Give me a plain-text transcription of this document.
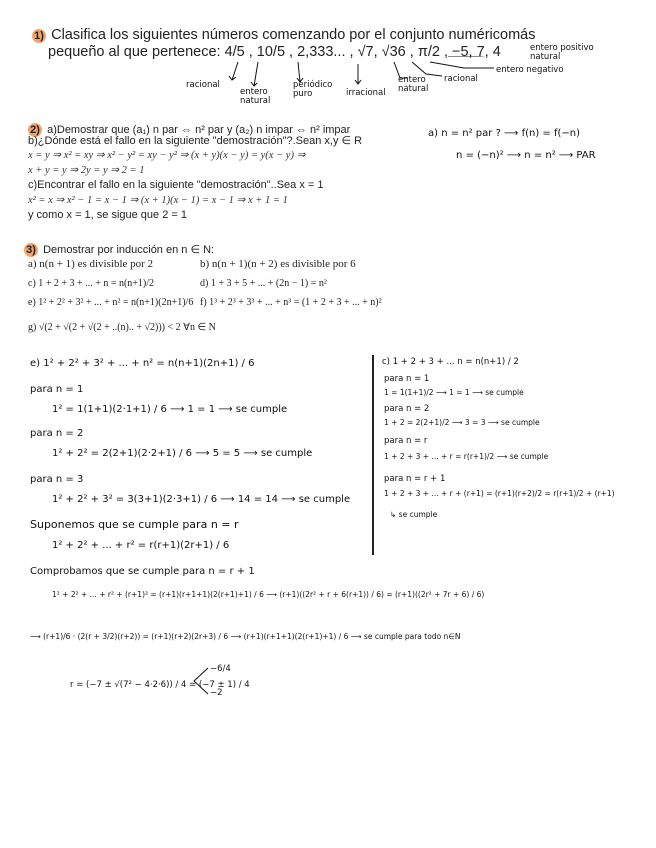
1) Clasifica los siguientes números comenzando por el conjunto numéricomás
pequeño al que pertenece: 4/5 , 10/5 , 2,333... , √7, √36 , π/2 , −5, 7, 4
racional
entero natural
periódico puro	irracional
entero natural
racional
entero negativo
entero positivo natural
2) a)Demostrar que (a₁) n par ⇔ n² par y (a₂) n impar ⇔ n² impar
b)¿Dónde está el fallo en la siguiente "demostración"?.Sean x,y ∈ R
x = y ⇒ x² = xy ⇒ x² − y² = xy − y² ⇒ (x + y)(x − y) = y(x − y) ⇒
x + y = y ⇒ 2y = y ⇒ 2 = 1
c)Encontrar el fallo en la siguiente "demostración"..Sea x = 1
x² = x ⇒ x² − 1 = x − 1 ⇒ (x + 1)(x − 1) = x − 1 ⇒ x + 1 = 1
y como x = 1, se sigue que 2 = 1
a) n = n² par ? ⟶ f(n) = f(−n)
n = (−n)² ⟶ n = n² ⟶ PAR
3) Demostrar por inducción en n ∈ N:
a) n(n + 1) es divisible por 2	b) n(n + 1)(n + 2) es divisible por 6
c) 1 + 2 + 3 + ... + n = n(n+1)/2	d) 1 + 3 + 5 + ... + (2n − 1) = n²
e) 1² + 2² + 3² + ... + n² = n(n+1)(2n+1)/6 f) 1³ + 2³ + 3³ + ... + n³ = (1 + 2 + 3 + ... + n)²
g) √(2 + √(2 + √(2 + ..(n).. + √2))) < 2 ∀n ∈ N
e) 1² + 2² + 3² + ... + n² = n(n+1)(2n+1) / 6
para n = 1
1² = 1(1+1)(2·1+1) / 6 ⟶ 1 = 1 ⟶ se cumple
para n = 2
1² + 2² = 2(2+1)(2·2+1) / 6 ⟶ 5 = 5 ⟶ se cumple
para n = 3
1² + 2² + 3² = 3(3+1)(2·3+1) / 6 ⟶ 14 = 14 ⟶ se cumple
Suponemos que se cumple para n = r
1² + 2² + ... + r² = r(r+1)(2r+1) / 6
Comprobamos que se cumple para n = r + 1
1² + 2² + ... + r² + (r+1)² = (r+1)(r+1+1)(2(r+1)+1) / 6 ⟶ (r+1)((2r² + r + 6(r+1)) / 6) = (r+1)((2r² + 7r + 6) / 6)
⟶ (r+1)/6 · (2(r + 3/2)(r+2)) = (r+1)(r+2)(2r+3) / 6 ⟶ (r+1)(r+1+1)(2(r+1)+1) / 6 ⟶ se cumple para todo n∈N
r = (−7 ± √(7² − 4·2·6)) / 4 = (−7 ± 1) / 4
−6/4
−2
c) 1 + 2 + 3 + ... n = n(n+1) / 2
para n = 1
1 = 1(1+1)/2 ⟶ 1 = 1 ⟶ se cumple
para n = 2
1 + 2 = 2(2+1)/2 ⟶ 3 = 3 ⟶ se cumple
para n = r
1 + 2 + 3 + ... + r = r(r+1)/2 ⟶ se cumple
para n = r + 1
1 + 2 + 3 + ... + r + (r+1) = (r+1)(r+2)/2 = r(r+1)/2 + (r+1)
↳ se cumple
